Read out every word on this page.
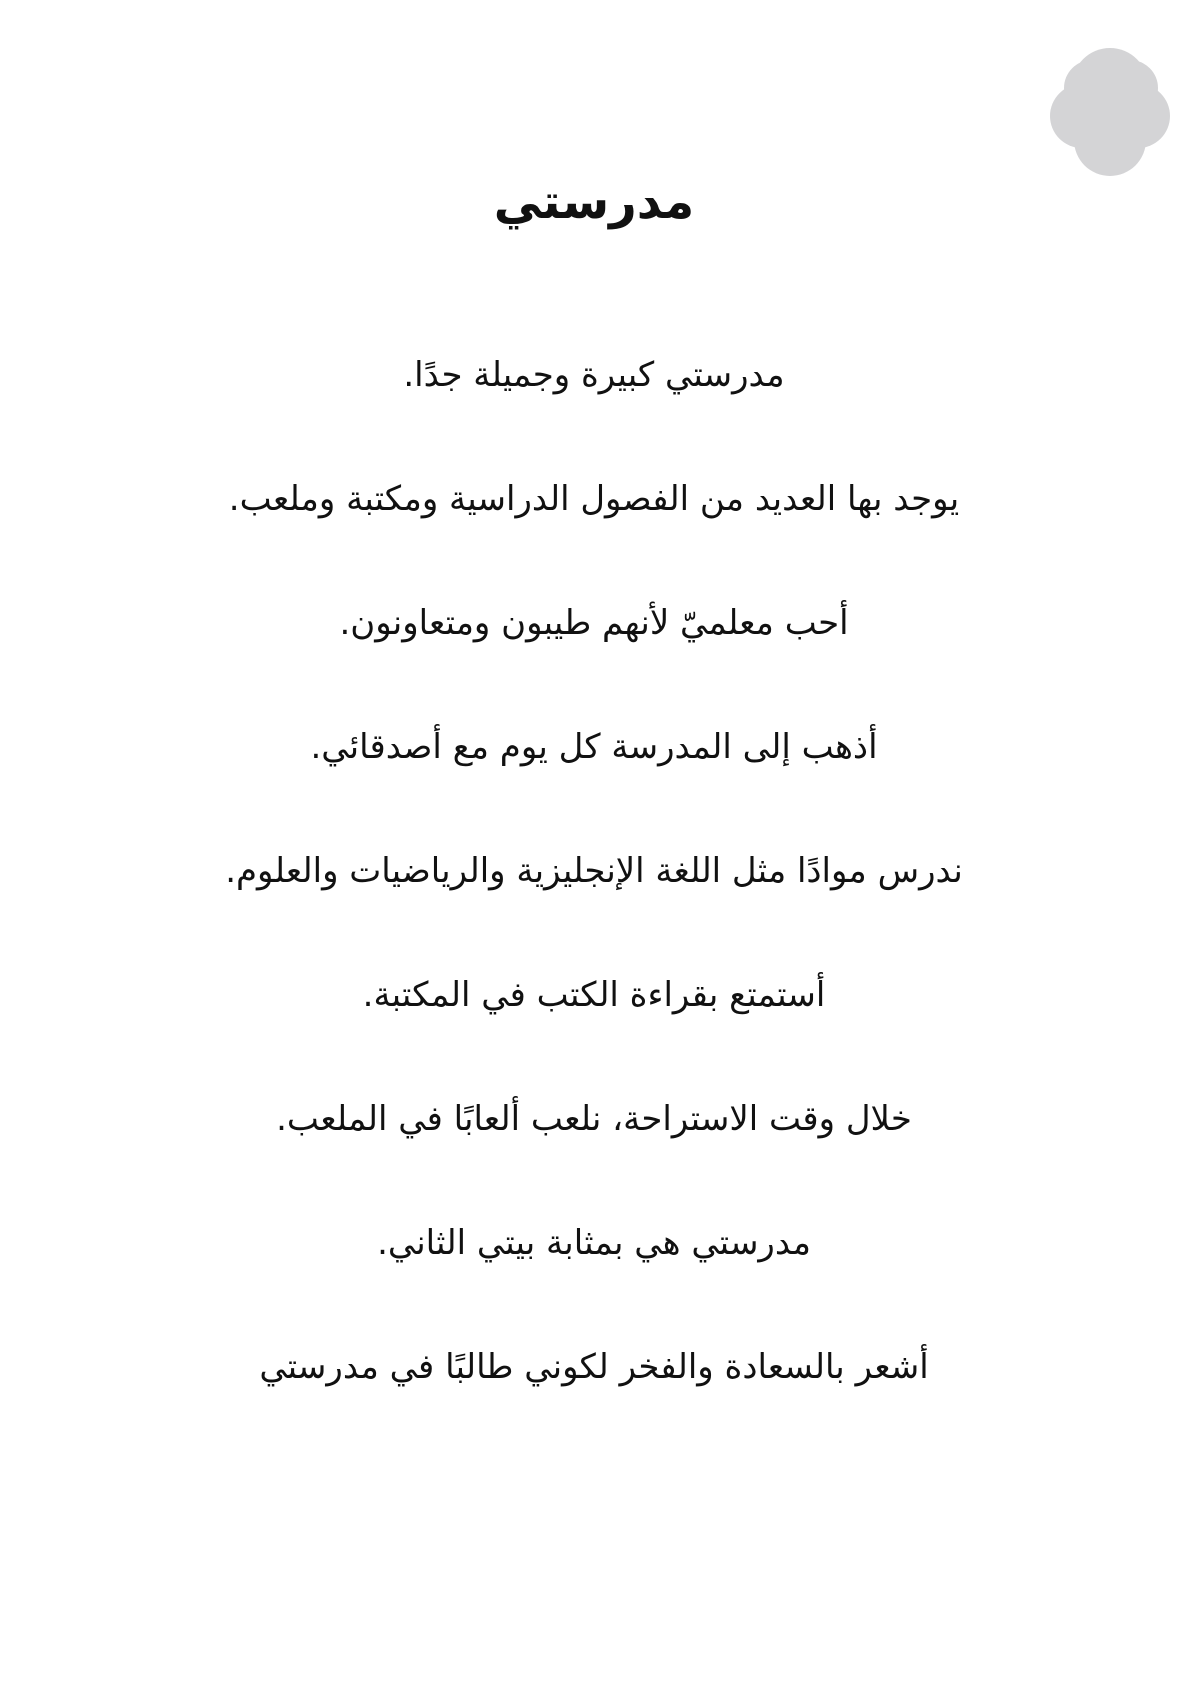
مدرستي
مدرستي كبيرة وجميلة جدًا.
يوجد بها العديد من الفصول الدراسية ومكتبة وملعب.
أحب معلميّ لأنهم طيبون ومتعاونون.
أذهب إلى المدرسة كل يوم مع أصدقائي.
ندرس موادًا مثل اللغة الإنجليزية والرياضيات والعلوم.
أستمتع بقراءة الكتب في المكتبة.
خلال وقت الاستراحة، نلعب ألعابًا في الملعب.
مدرستي هي بمثابة بيتي الثاني.
أشعر بالسعادة والفخر لكوني طالبًا في مدرستي
